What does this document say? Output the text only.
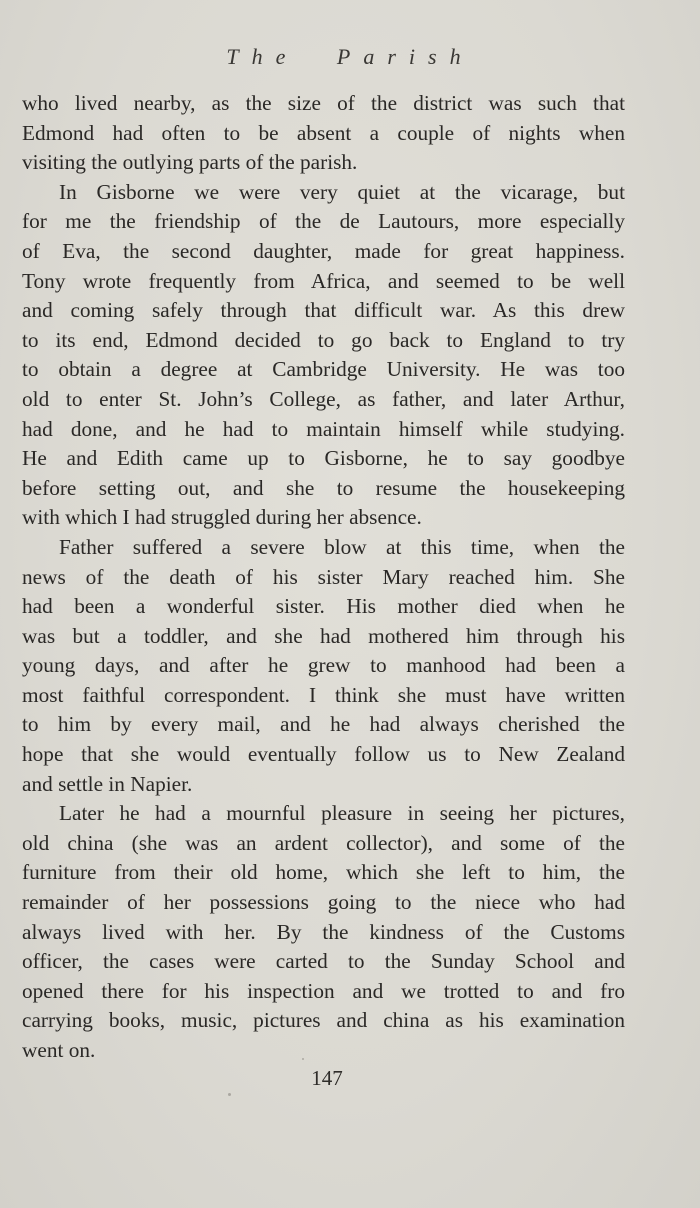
The Parish
who lived nearby, as the size of the district was such that
Edmond had often to be absent a couple of nights when
visiting the outlying parts of the parish.
In Gisborne we were very quiet at the vicarage, but
for me the friendship of the de Lautours, more especially
of Eva, the second daughter, made for great happiness.
Tony wrote frequently from Africa, and seemed to be well
and coming safely through that difficult war. As this drew
to its end, Edmond decided to go back to England to try
to obtain a degree at Cambridge University. He was too
old to enter St. John’s College, as father, and later Arthur,
had done, and he had to maintain himself while studying.
He and Edith came up to Gisborne, he to say goodbye
before setting out, and she to resume the housekeeping
with which I had struggled during her absence.
Father suffered a severe blow at this time, when the
news of the death of his sister Mary reached him. She
had been a wonderful sister. His mother died when he
was but a toddler, and she had mothered him through his
young days, and after he grew to manhood had been a
most faithful correspondent. I think she must have written
to him by every mail, and he had always cherished the
hope that she would eventually follow us to New Zealand
and settle in Napier.
Later he had a mournful pleasure in seeing her pictures,
old china (she was an ardent collector), and some of the
furniture from their old home, which she left to him, the
remainder of her possessions going to the niece who had
always lived with her. By the kindness of the Customs
officer, the cases were carted to the Sunday School and
opened there for his inspection and we trotted to and fro
carrying books, music, pictures and china as his examination
went on.
147
